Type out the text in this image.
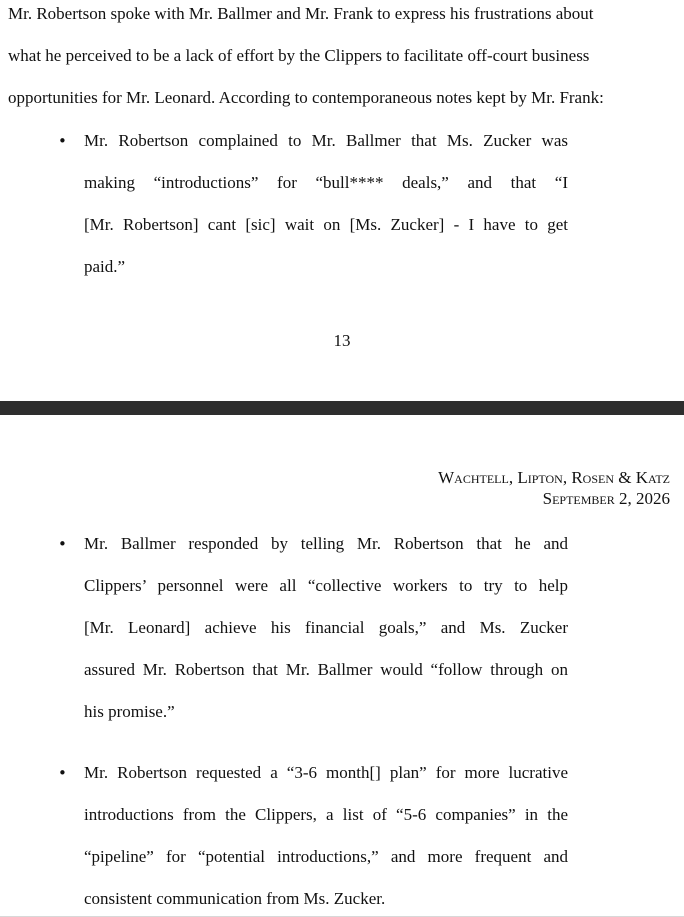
Mr. Robertson spoke with Mr. Ballmer and Mr. Frank to express his frustrations about
what he perceived to be a lack of effort by the Clippers to facilitate off-court business
opportunities for Mr. Leonard. According to contemporaneous notes kept by Mr. Frank:
• Mr. Robertson complained to Mr. Ballmer that Ms. Zucker was
making “introductions” for “bull**** deals,” and that “I
[Mr. Robertson] cant [sic] wait on [Ms. Zucker] - I have to get
paid.”
13
Wachtell, Lipton, Rosen & Katz
September 2, 2026
• Mr. Ballmer responded by telling Mr. Robertson that he and
Clippers’ personnel were all “collective workers to try to help
[Mr. Leonard] achieve his financial goals,” and Ms. Zucker
assured Mr. Robertson that Mr. Ballmer would “follow through on
his promise.”
• Mr. Robertson requested a “3-6 month[] plan” for more lucrative
introductions from the Clippers, a list of “5-6 companies” in the
“pipeline” for “potential introductions,” and more frequent and
consistent communication from Ms. Zucker.
